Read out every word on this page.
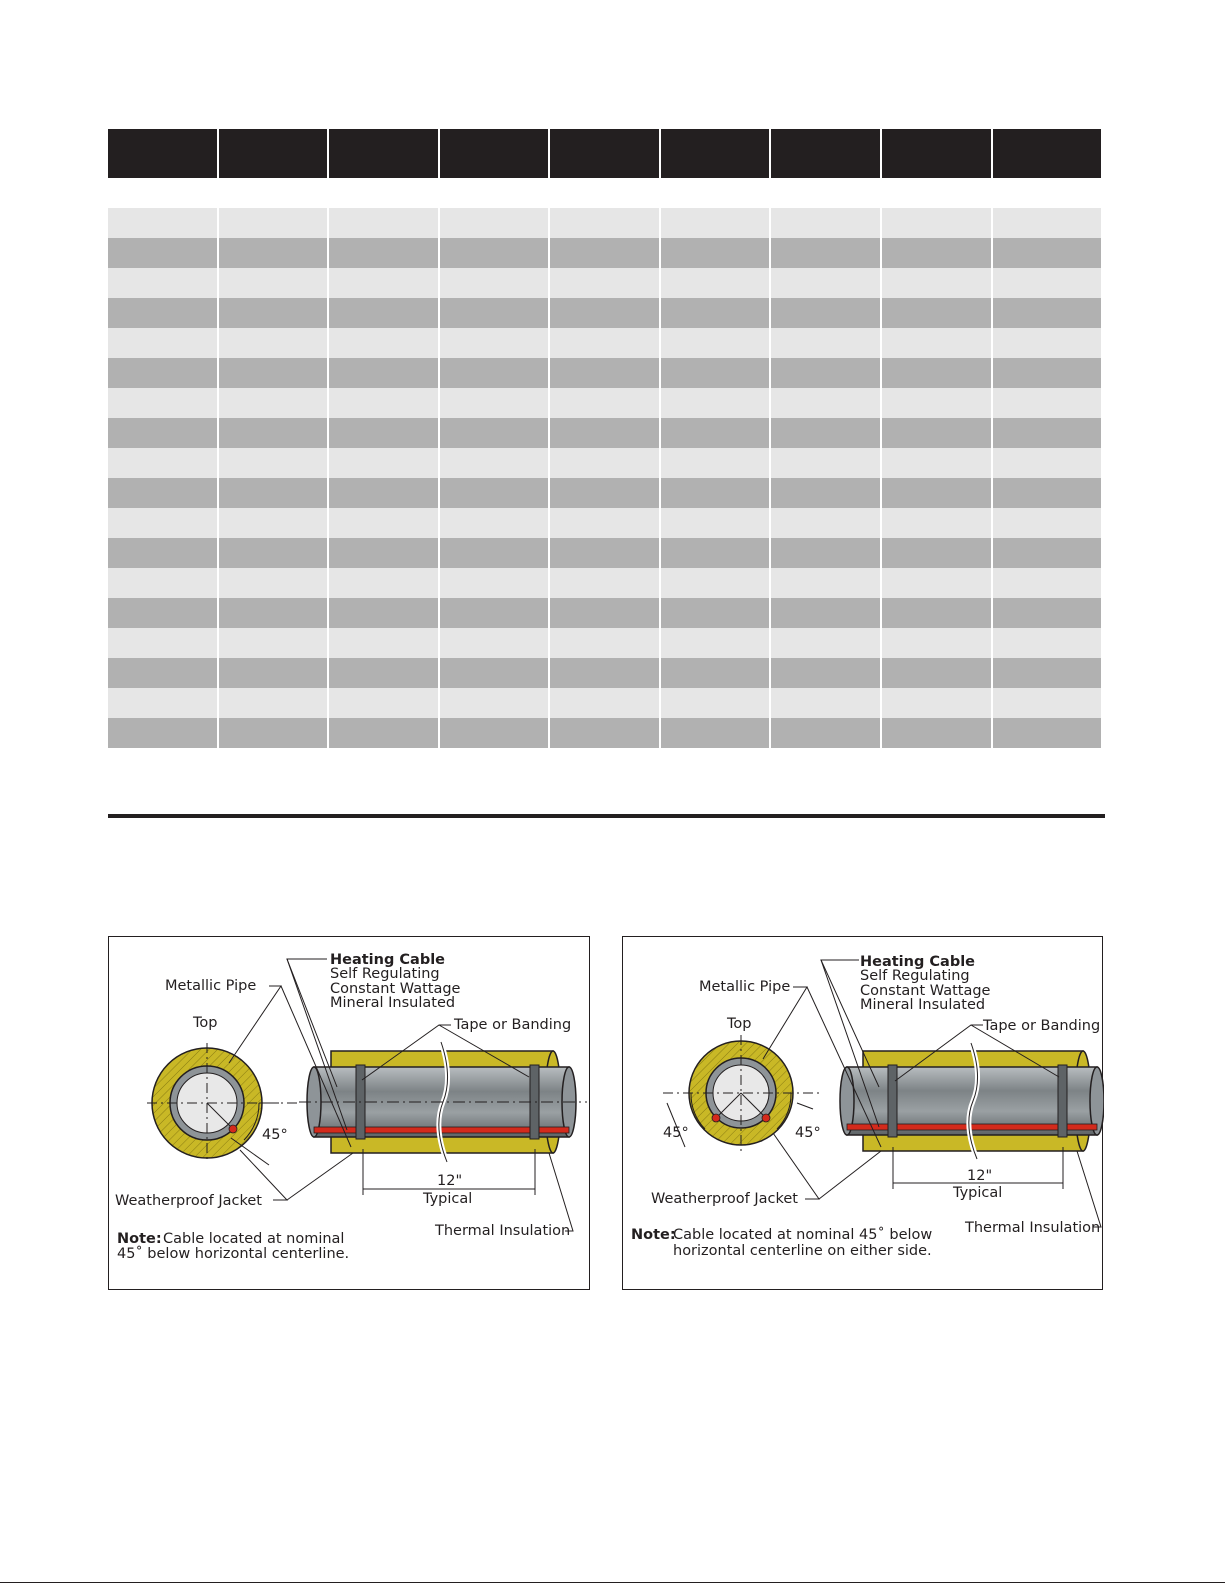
Heating Cable
Self Regulating
Constant Wattage
Mineral Insulated
Metallic Pipe
Top	Tape or Banding
45°
12"
Typical
Weatherproof Jacket
Thermal Insulation
Note: Cable located at nominal
45˚ below horizontal centerline.
Heating Cable
Self Regulating
Constant Wattage
Mineral Insulated
Metallic Pipe
Top	Tape or Banding
45°	45°
12"
Typical
Weatherproof Jacket
Thermal Insulation
Note:
Cable located at nominal 45˚ below
horizontal centerline on either side.
